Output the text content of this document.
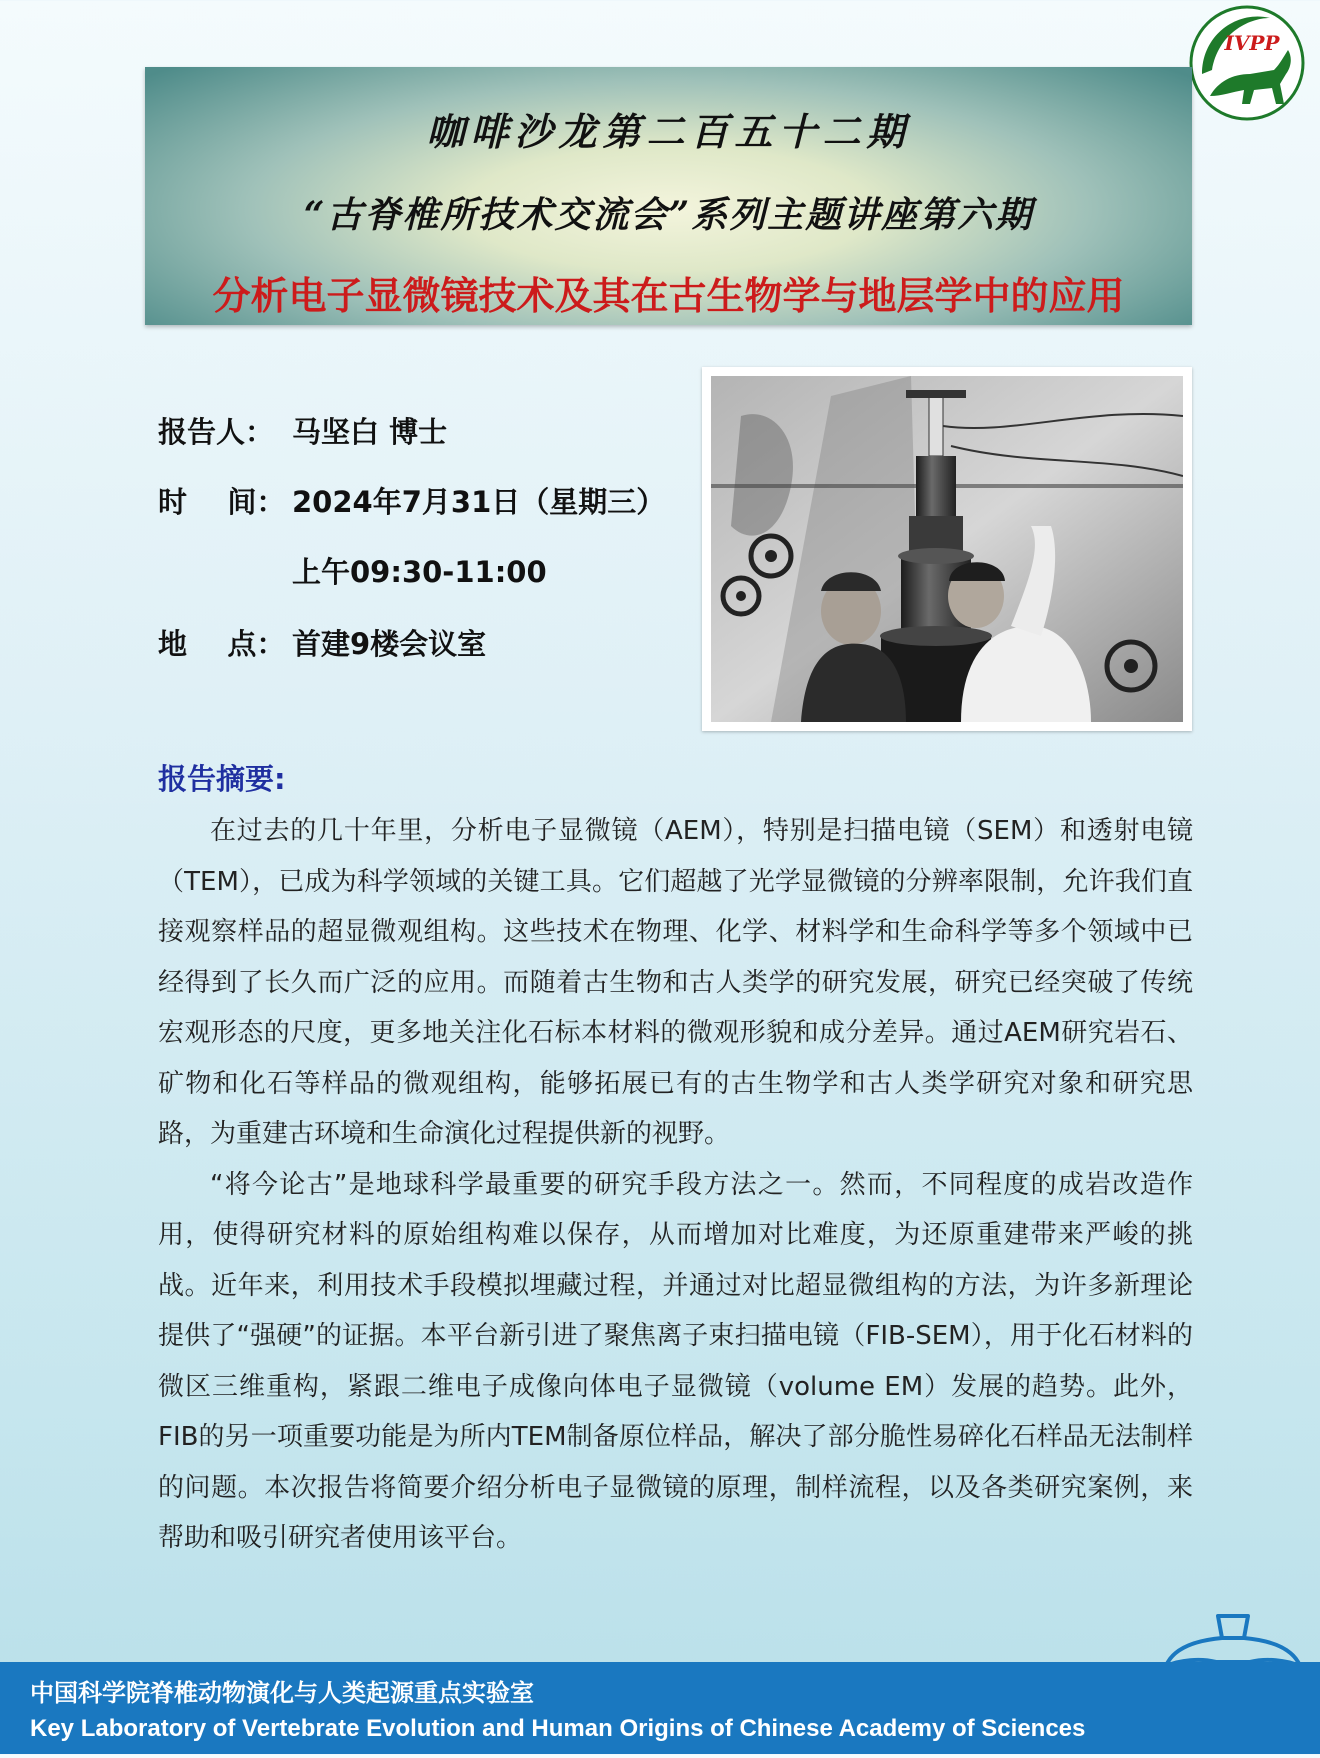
IVPP
咖啡沙龙第二百五十二期
“古脊椎所技术交流会”系列主题讲座第六期
分析电子显微镜技术及其在古生物学与地层学中的应用
报告人： 马坚白 博士
时    间： 2024年7月31日（星期三）
上午09:30-11:00
地    点： 首建9楼会议室
报告摘要:

在过去的几十年里，分析电子显微镜（AEM），特别是扫描电镜（SEM）和透射电镜（TEM），已成为科学领域的关键工具。它们超越了光学显微镜的分辨率限制，允许我们直接观察样品的超显微观组构。这些技术在物理、化学、材料学和生命科学等多个领域中已经得到了长久而广泛的应用。而随着古生物和古人类学的研究发展，研究已经突破了传统宏观形态的尺度，更多地关注化石标本材料的微观形貌和成分差异。通过AEM研究岩石、矿物和化石等样品的微观组构，能够拓展已有的古生物学和古人类学研究对象和研究思路，为重建古环境和生命演化过程提供新的视野。

“将今论古”是地球科学最重要的研究手段方法之一。然而，不同程度的成岩改造作用，使得研究材料的原始组构难以保存，从而增加对比难度，为还原重建带来严峻的挑战。近年来，利用技术手段模拟埋藏过程，并通过对比超显微组构的方法，为许多新理论提供了“强硬”的证据。本平台新引进了聚焦离子束扫描电镜（FIB-SEM），用于化石材料的微区三维重构，紧跟二维电子成像向体电子显微镜（volume EM）发展的趋势。此外，FIB的另一项重要功能是为所内TEM制备原位样品，解决了部分脆性易碎化石样品无法制样的问题。本次报告将简要介绍分析电子显微镜的原理，制样流程，以及各类研究案例，来帮助和吸引研究者使用该平台。

中国科学院脊椎动物演化与人类起源重点实验室
Key Laboratory of Vertebrate Evolution and Human Origins of Chinese Academy of Sciences
